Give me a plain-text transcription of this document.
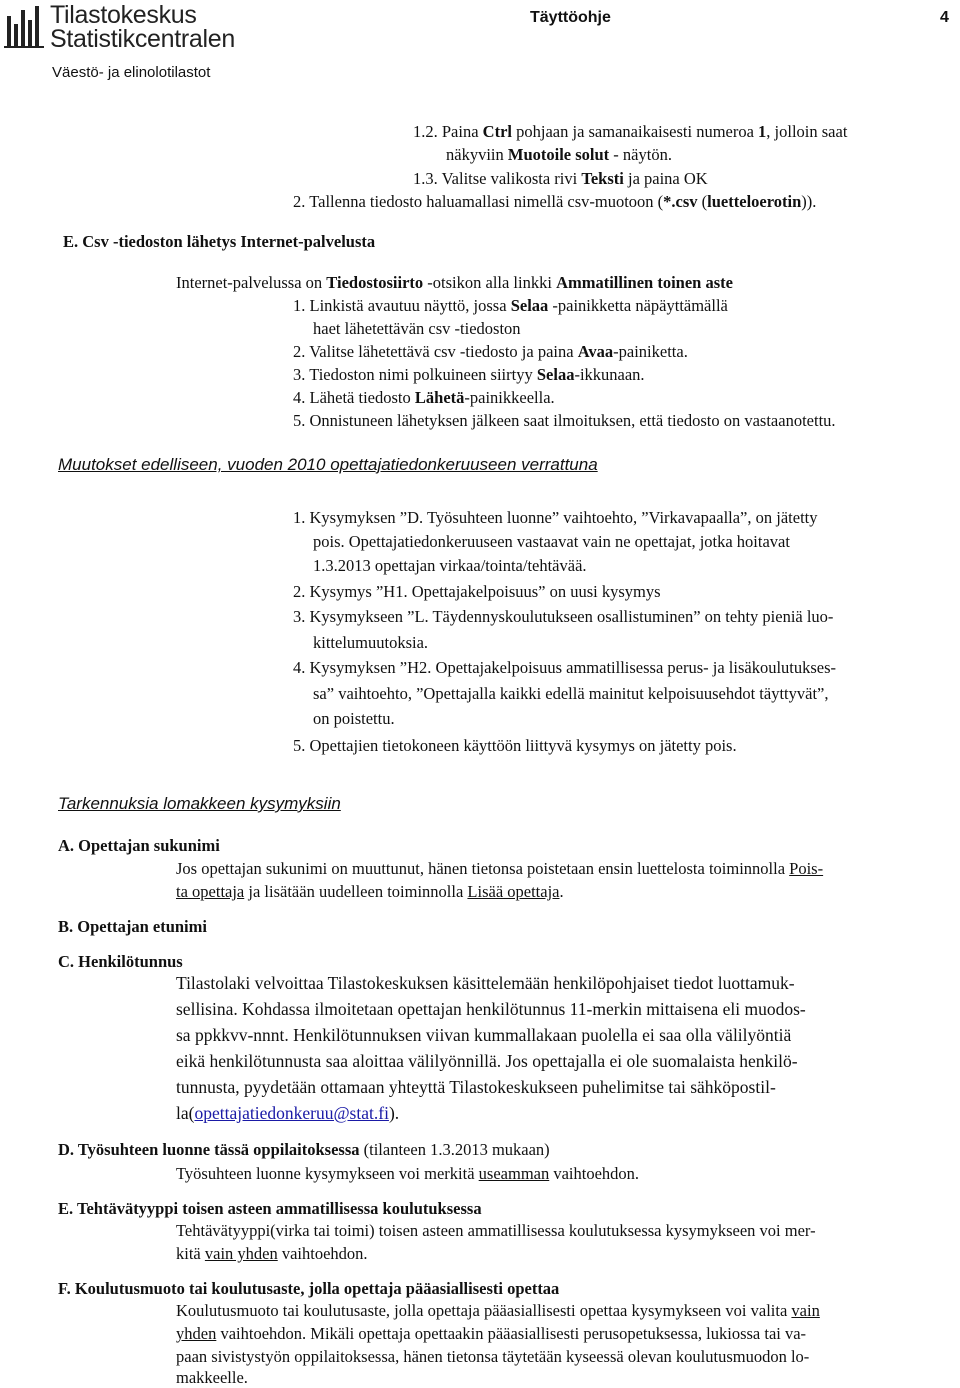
Tilastokeskus
Statistikcentralen
Väestö- ja elinolotilastot
Täyttöohje	4
1.2. Paina Ctrl pohjaan ja samanaikaisesti numeroa 1, jolloin saat
näkyviin Muotoile solut - näytön.
1.3. Valitse valikosta rivi Teksti ja paina OK
2. Tallenna tiedosto haluamallasi nimellä csv-muotoon (*.csv (luetteloerotin)).
E. Csv -tiedoston lähetys Internet-palvelusta
Internet-palvelussa on Tiedostosiirto -otsikon alla linkki Ammatillinen toinen aste
1. Linkistä avautuu näyttö, jossa Selaa -painikketta näpäyttämällä
haet lähetettävän csv -tiedoston
2. Valitse lähetettävä csv -tiedosto ja paina Avaa-painiketta.
3. Tiedoston nimi polkuineen siirtyy Selaa-ikkunaan.
4. Lähetä tiedosto Lähetä-painikkeella.
5. Onnistuneen lähetyksen jälkeen saat ilmoituksen, että tiedosto on vastaanotettu.
Muutokset edelliseen, vuoden 2010 opettajatiedonkeruuseen verrattuna
1. Kysymyksen ”D. Työsuhteen luonne” vaihtoehto, ”Virkavapaalla”, on jätetty
pois. Opettajatiedonkeruuseen vastaavat vain ne opettajat, jotka hoitavat
1.3.2013 opettajan virkaa/tointa/tehtävää.
2. Kysymys ”H1. Opettajakelpoisuus” on uusi kysymys
3. Kysymykseen ”L. Täydennyskoulutukseen osallistuminen” on tehty pieniä luo-
kittelumuutoksia.
4. Kysymyksen ”H2. Opettajakelpoisuus ammatillisessa perus- ja lisäkoulutukses-
sa” vaihtoehto, ”Opettajalla kaikki edellä mainitut kelpoisuusehdot täyttyvät”,
on poistettu.
5. Opettajien tietokoneen käyttöön liittyvä kysymys on jätetty pois.
Tarkennuksia lomakkeen kysymyksiin
A. Opettajan sukunimi
Jos opettajan sukunimi on muuttunut, hänen tietonsa poistetaan ensin luettelosta toiminnolla Pois-
ta opettaja ja lisätään uudelleen toiminnolla Lisää opettaja.
B. Opettajan etunimi
C. Henkilötunnus
Tilastolaki velvoittaa Tilastokeskuksen käsittelemään henkilöpohjaiset tiedot luottamuk-
sellisina. Kohdassa ilmoitetaan opettajan henkilötunnus 11-merkin mittaisena eli muodos-
sa ppkkvv-nnnt. Henkilötunnuksen viivan kummallakaan puolella ei saa olla välilyöntiä
eikä henkilötunnusta saa aloittaa välilyönnillä. Jos opettajalla ei ole suomalaista henkilö-
tunnusta, pyydetään ottamaan yhteyttä Tilastokeskukseen puhelimitse tai sähköpostil-
la(opettajatiedonkeruu@stat.fi).
D. Työsuhteen luonne tässä oppilaitoksessa (tilanteen 1.3.2013 mukaan)
Työsuhteen luonne kysymykseen voi merkitä useamman vaihtoehdon.
E. Tehtävätyyppi toisen asteen ammatillisessa koulutuksessa
Tehtävätyyppi(virka tai toimi) toisen asteen ammatillisessa koulutuksessa kysymykseen voi mer-
kitä vain yhden vaihtoehdon.
F. Koulutusmuoto tai koulutusaste, jolla opettaja pääasiallisesti opettaa
Koulutusmuoto tai koulutusaste, jolla opettaja pääasiallisesti opettaa kysymykseen voi valita vain
yhden vaihtoehdon. Mikäli opettaja opettaakin pääasiallisesti perusopetuksessa, lukiossa tai va-
paan sivistystyön oppilaitoksessa, hänen tietonsa täytetään kyseessä olevan koulutusmuodon lo-
makkeelle.
